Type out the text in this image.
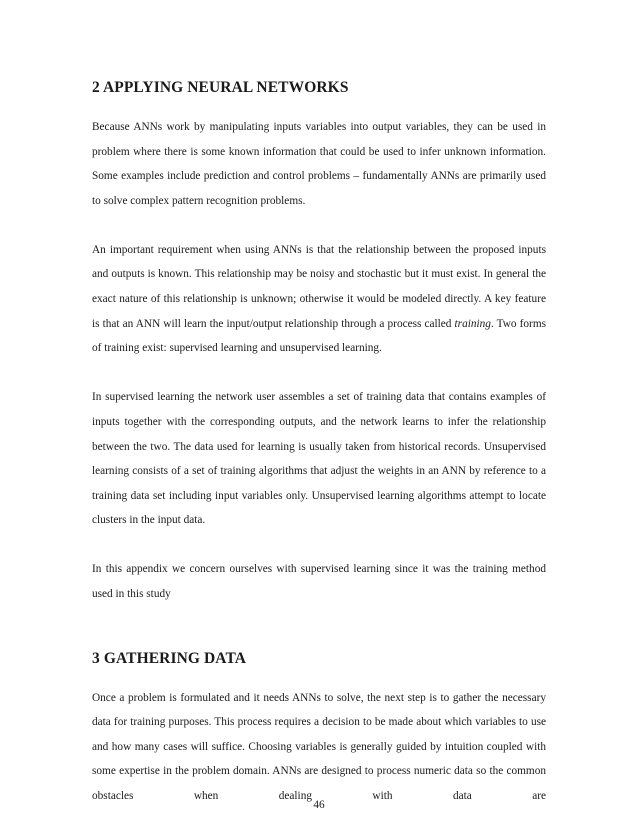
2 APPLYING NEURAL NETWORKS

Because ANNs work by manipulating inputs variables into output variables, they can be used in problem where there is some known information that could be used to infer unknown information. Some examples include prediction and control problems – fundamentally ANNs are primarily used to solve complex pattern recognition problems.

An important requirement when using ANNs is that the relationship between the proposed inputs and outputs is known. This relationship may be noisy and stochastic but it must exist. In general the exact nature of this relationship is unknown; otherwise it would be modeled directly. A key feature is that an ANN will learn the input/output relationship through a process called training. Two forms of training exist: supervised learning and unsupervised learning.

In supervised learning the network user assembles a set of training data that contains examples of inputs together with the corresponding outputs, and the network learns to infer the relationship between the two. The data used for learning is usually taken from historical records. Unsupervised learning consists of a set of training algorithms that adjust the weights in an ANN by reference to a training data set including input variables only. Unsupervised learning algorithms attempt to locate clusters in the input data.

In this appendix we concern ourselves with supervised learning since it was the training method used in this study

3 GATHERING DATA

Once a problem is formulated and it needs ANNs to solve, the next step is to gather the necessary data for training purposes. This process requires a decision to be made about which variables to use and how many cases will suffice. Choosing variables is generally guided by intuition coupled with some expertise in the problem domain. ANNs are designed to process numeric data so the common obstacles when dealing with data are

46
